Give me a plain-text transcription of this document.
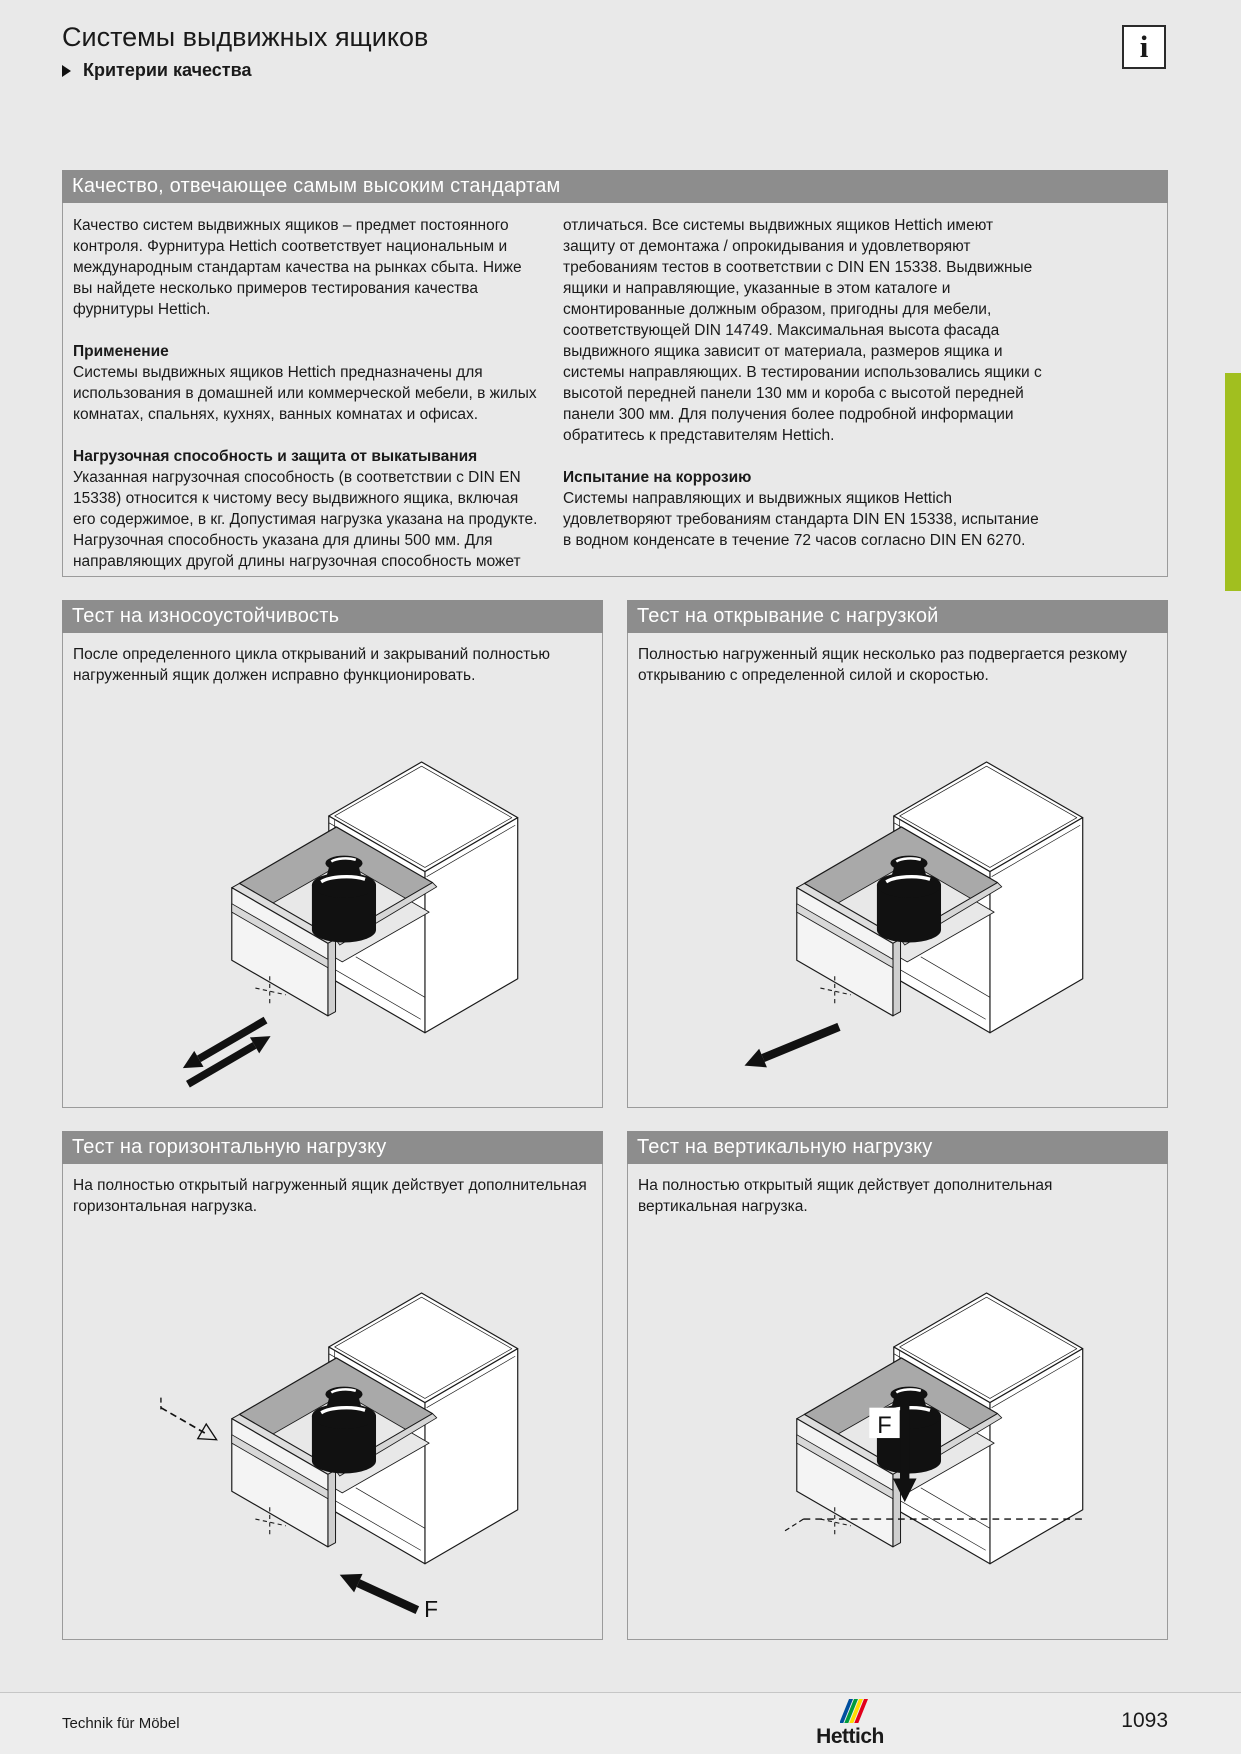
Системы выдвижных ящиков
Критерии качества
i
Качество, отвечающее самым высоким стандартам

Качество систем выдвижных ящиков – предмет постоянного контроля. Фурнитура Hettich соответствует национальным и международным стандартам качества на рынках сбыта. Ниже вы найдете несколько примеров тестирования качества фурнитуры Hettich.

Применение

Системы выдвижных ящиков Hettich предназначены для использования в домашней или коммерческой мебели, в жилых комнатах, спальнях, кухнях, ванных комнатах и офисах.

Нагрузочная способность и защита от выкатывания

Указанная нагрузочная способность (в соответствии с DIN EN 15338) относится к чистому весу выдвижного ящика, включая его содержимое, в кг. Допустимая нагрузка указана на продукте. Нагрузочная способность указана для длины 500 мм. Для направляющих другой длины нагрузочная способность может

отличаться. Все системы выдвижных ящиков Hettich имеют защиту от демонтажа / опрокидывания и удовлетворяют требованиям тестов в соответствии с DIN EN 15338. Выдвижные ящики и направляющие, указанные в этом каталоге и смонтированные должным образом, пригодны для мебели, соответствующей DIN 14749. Максимальная высота фасада выдвижного ящика зависит от материала, размеров ящика и системы направляющих. В тестировании использовались ящики с высотой передней панели 130 мм и короба с высотой передней панели 300 мм. Для получения более подробной информации обратитесь к представителям Hettich.

Испытание на коррозию

Системы направляющих и выдвижных ящиков Hettich удовлетворяют требованиям стандарта DIN EN 15338, испытание в водном конденсате в течение 72 часов согласно DIN EN 6270.

Тест на износоустойчивость
После определенного цикла открываний и закрываний полностью нагруженный ящик должен исправно функционировать.
Тест на открывание с нагрузкой
Полностью нагруженный ящик несколько раз подвергается резкому открыванию с определенной силой и скоростью.
Тест на горизонтальную нагрузку
На полностью открытый нагруженный ящик действует дополнительная горизонтальная нагрузка.
F
Тест на вертикальную нагрузку
На полностью открытый ящик действует дополнительная вертикальная нагрузка.
F
Technik für Möbel
Hettich
1093
